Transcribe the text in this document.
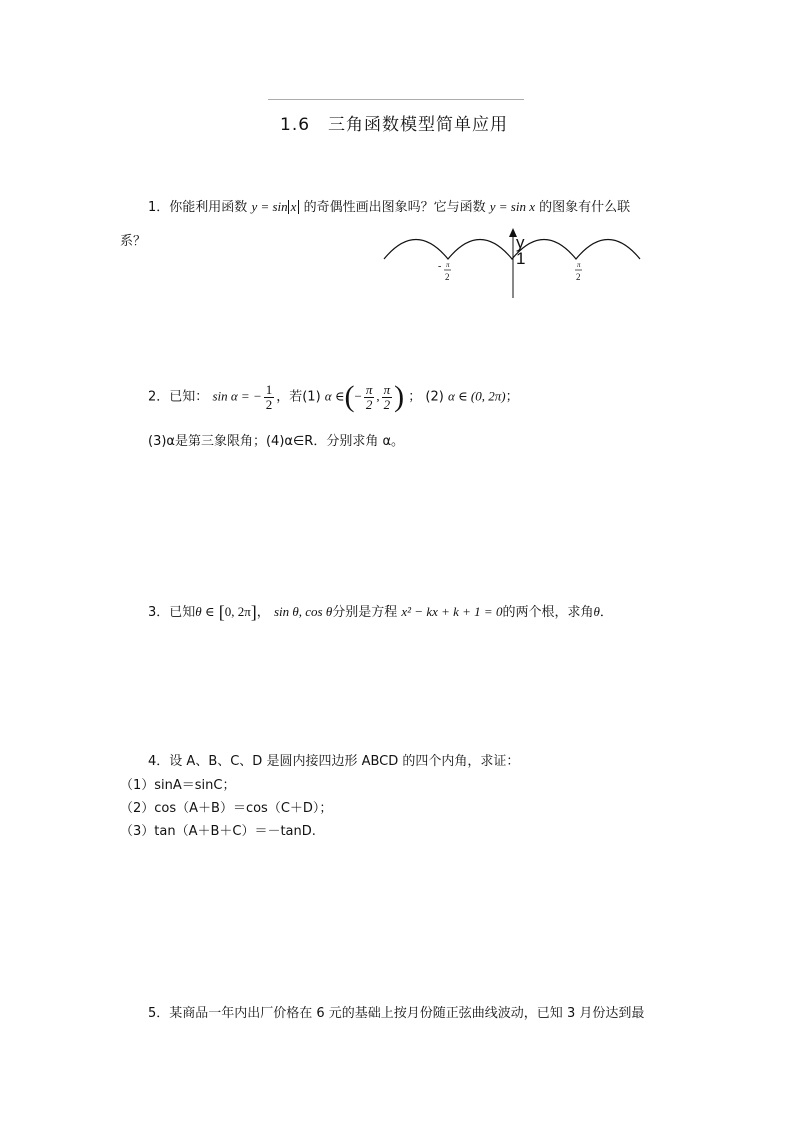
1.6　三角函数模型简单应用
1．你能利用函数 y = sin x 的奇偶性画出图象吗？它与函数 y = sin x 的图象有什么联
系？	y
1
- π
2
π
2
2．已知： sin α = − $\frac{1}{2}$ ，若(1) α ∈(− $\frac{\pi}{2}$ , $\frac{\pi}{2}$ ) ； (2) α ∈ (0, 2π)；
(3)α是第三象限角；(4)α∈R．分别求角 α。
3．已知θ ∈ [0, 2π]， sin θ, cos θ分别是方程 x² − kx + k + 1 = 0的两个根，求角θ．
4．设 A、B、C、D 是圆内接四边形 ABCD 的四个内角，求证：
（1）sinA＝sinC；
（2）cos（A＋B）＝cos（C＋D）；
（3）tan（A＋B＋C）＝－tanD.
5．某商品一年内出厂价格在 6 元的基础上按月份随正弦曲线波动，已知 3 月份达到最
